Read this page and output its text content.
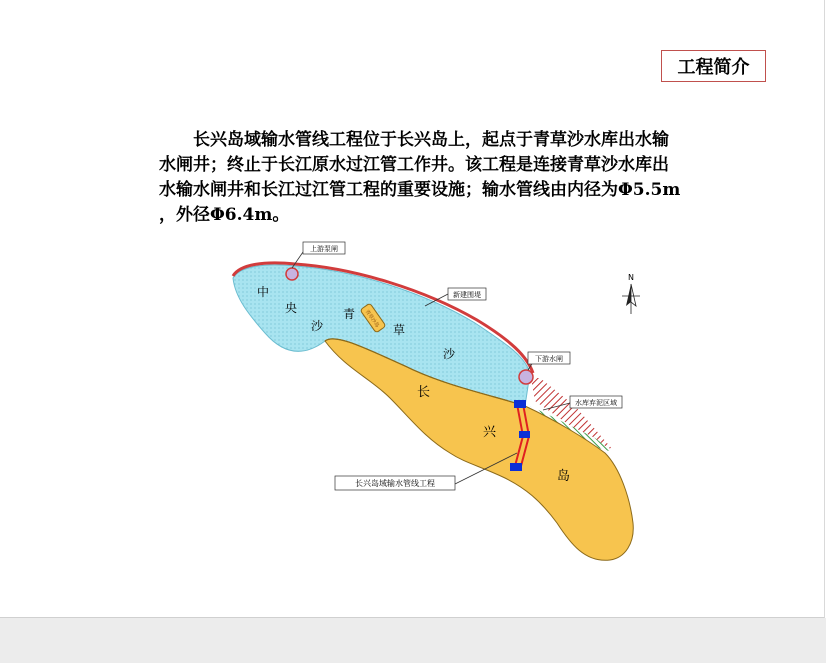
工程简介

长兴岛域输水管线工程位于长兴岛上，起点于青草沙水库出水输水闸井；终止于长江原水过江管工作井。该工程是连接青草沙水库出水输水闸井和长江过江管工程的重要设施；输水管线由内径为Φ5.5m ，外径Φ6.4m。

上游泵闸
新建围堤
下游水闸
水库弃泥区域
长兴岛域输水管线工程
中
央
沙
青
草
沙
长
兴
岛
青草沙岛
N
